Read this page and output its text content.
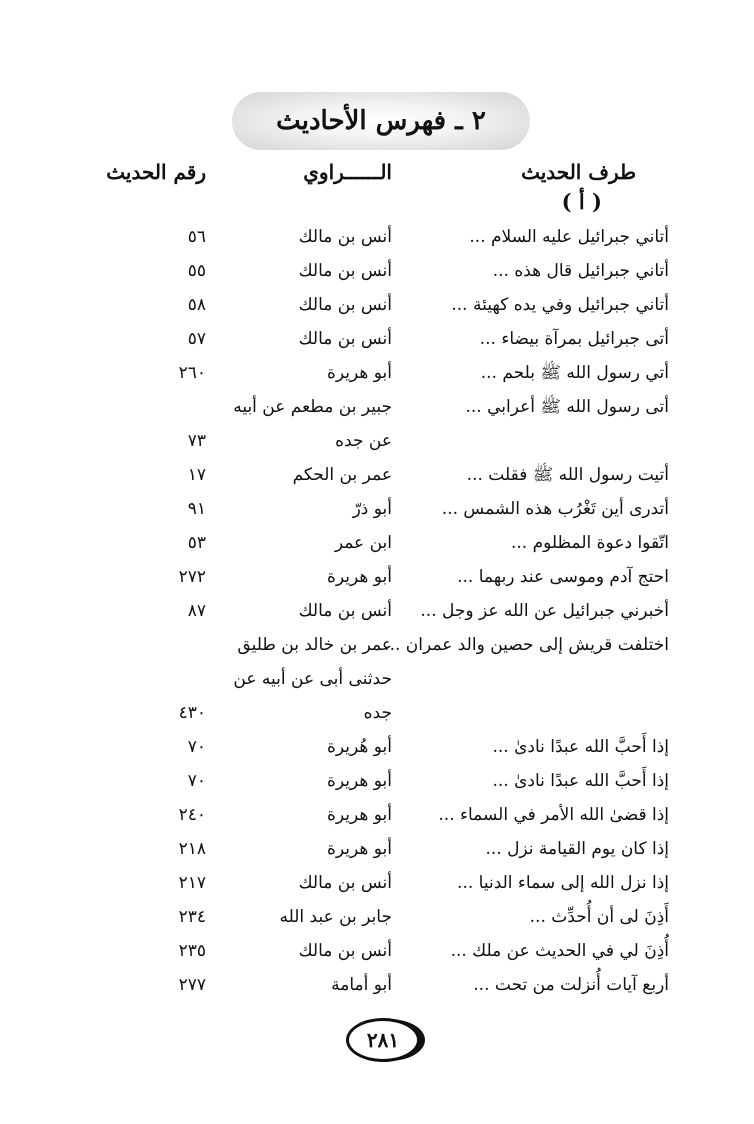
٢ ـ فهرس الأحاديث
طرف الحديث
الــــــراوي
رقم الحديث
( أ )
أتاني جبرائيل عليه السلام ...
أنس بن مالك
٥٦
أتاني جبرائيل قال هذه ...
أنس بن مالك
٥٥
أتاني جبرائيل وفي يده كهيئة ...
أنس بن مالك
٥٨
أتى جبرائيل بمرآة بيضاء ...
أنس بن مالك
٥٧
أتي رسول الله ﷺ بلحم ...
أبو هريرة
٢٦٠
أتى رسول الله ﷺ أعرابي ...
جبير بن مطعم عن أبيه
عن جده
٧٣
أتيت رسول الله ﷺ فقلت ...
عمر بن الحكم
١٧
أتدرى أين تَغْرُب هذه الشمس ...
أبو ذرّ
٩١
اتّقوا دعوة المظلوم ...
ابن عمر
٥٣
احتج آدم وموسى عند ربهما ...
أبو هريرة
٢٧٢
أخبرني جبرائيل عن الله عز وجل ...
أنس بن مالك
٨٧
اختلفت قريش إلى حصين والد عمران ...
عمر بن خالد بن طليق
حدثنى أبى عن أبيه عن
جده
٤٣٠
إذا أَحبَّ الله عبدًا نادىٰ ...
أبو هُريرة
٧٠
إذا أَحبَّ الله عبدًا نادىٰ ...
أبو هريرة
٧٠
إذا قضىٰ الله الأمر في السماء ...
أبو هريرة
٢٤٠
إذا كان يوم القيامة نزل ...
أبو هريرة
٢١٨
إذا نزل الله إلى سماء الدنيا ...
أنس بن مالك
٢١٧
أَذِنَ لى أن أُحدِّث ...
جابر بن عبد الله
٢٣٤
أُذِنَ لي في الحديث عن ملك ...
أنس بن مالك
٢٣٥
أربع آيات أُنزلت من تحت ...
أبو أمامة
٢٧٧
٢٨١
